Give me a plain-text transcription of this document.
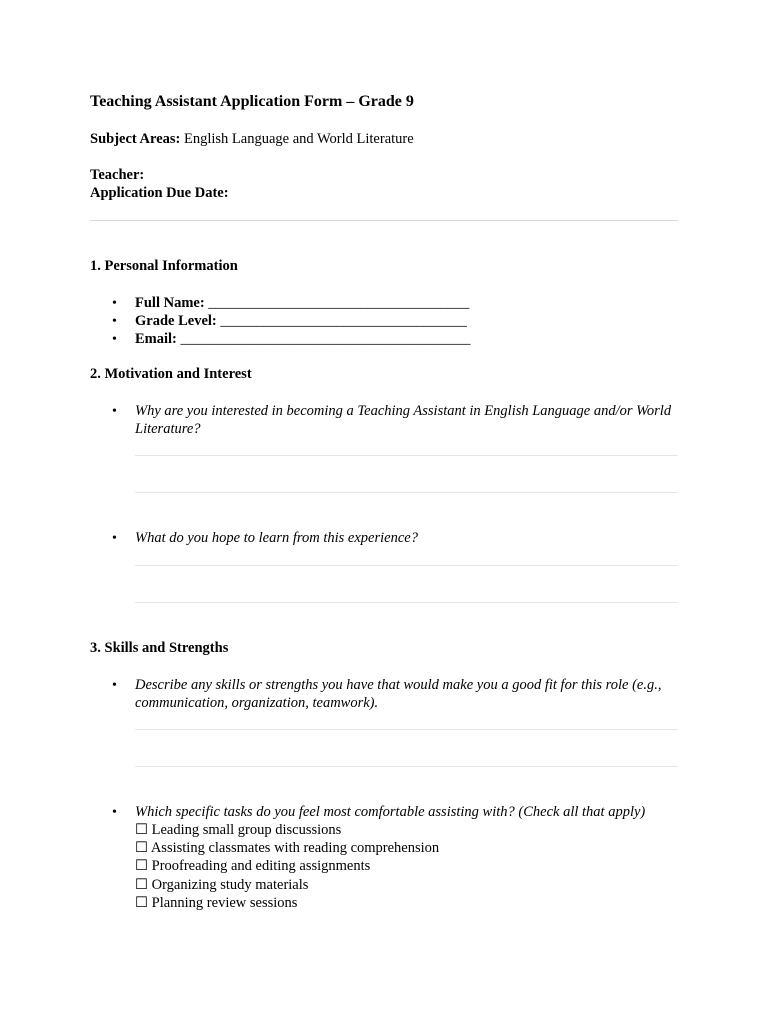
Teaching Assistant Application Form – Grade 9
Subject Areas: English Language and World Literature
Teacher:
Application Due Date:
1. Personal Information
• Full Name: ____________________________________
• Grade Level: __________________________________
• Email: ________________________________________
2. Motivation and Interest
• Why are you interested in becoming a Teaching Assistant in English Language and/or World Literature?
• What do you hope to learn from this experience?
3. Skills and Strengths
• Describe any skills or strengths you have that would make you a good fit for this role (e.g., communication, organization, teamwork).
• Which specific tasks do you feel most comfortable assisting with? (Check all that apply)
☐ Leading small group discussions
☐ Assisting classmates with reading comprehension
☐ Proofreading and editing assignments
☐ Organizing study materials
☐ Planning review sessions
